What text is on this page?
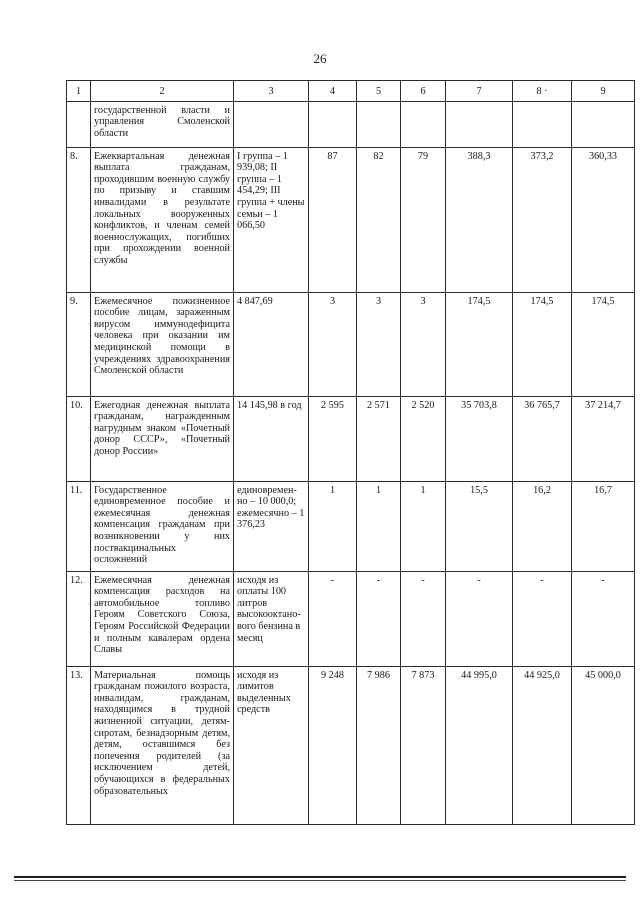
26
1	2	3	4	5	6	7	8 ·	9
	государственной власти и управления Смоленской области							
8.	Ежеквартальная денежная выплата гражданам, проходившим военную службу по призыву и ставшим инвалидами в результате локальных вооруженных конфликтов, и членам семей военнослужащих, погибших при прохождении военной службы	I группа – 1 939,08; II группа – 1 454,29; III группа + члены семьи – 1 066,50	87	82	79	388,3	373,2	360,33
9.	Ежемесячное пожизненное пособие лицам, зараженным вирусом иммунодефицита человека при оказании им медицинской помощи в учреждениях здравоохранения Смоленской области	4 847,69	3	3	3	174,5	174,5	174,5
10.	Ежегодная денежная выплата гражданам, награжденным нагрудным знаком «Почетный донор СССР», «Почетный донор России»	14 145,98 в год	2 595	2 571	2 520	35 703,8	36 765,7	37 214,7
11.	Государственное единовременное пособие и ежемесячная денежная компенсация гражданам при возникновении у них поствакцинальных осложнений	единовремен-но – 10 000,0; ежемесячно – 1 376,23	1	1	1	15,5	16,2	16,7
12.	Ежемесячная денежная компенсация расходов на автомобильное топливо Героям Советского Союза, Героям Российской Федерации и полным кавалерам ордена Славы	исходя из оплаты 100 литров высокооктано-вого бензина в месяц	-	-	-	-	-	-
13.	Материальная помощь гражданам пожилого возраста, инвалидам, гражданам, находящимся в трудной жизненной ситуации, детям-сиротам, безнадзорным детям, детям, оставшимся без попечения родителей (за исключением детей, обучающихся в федеральных образовательных	исходя из лимитов выделенных средств	9 248	7 986	7 873	44 995,0	44 925,0	45 000,0
